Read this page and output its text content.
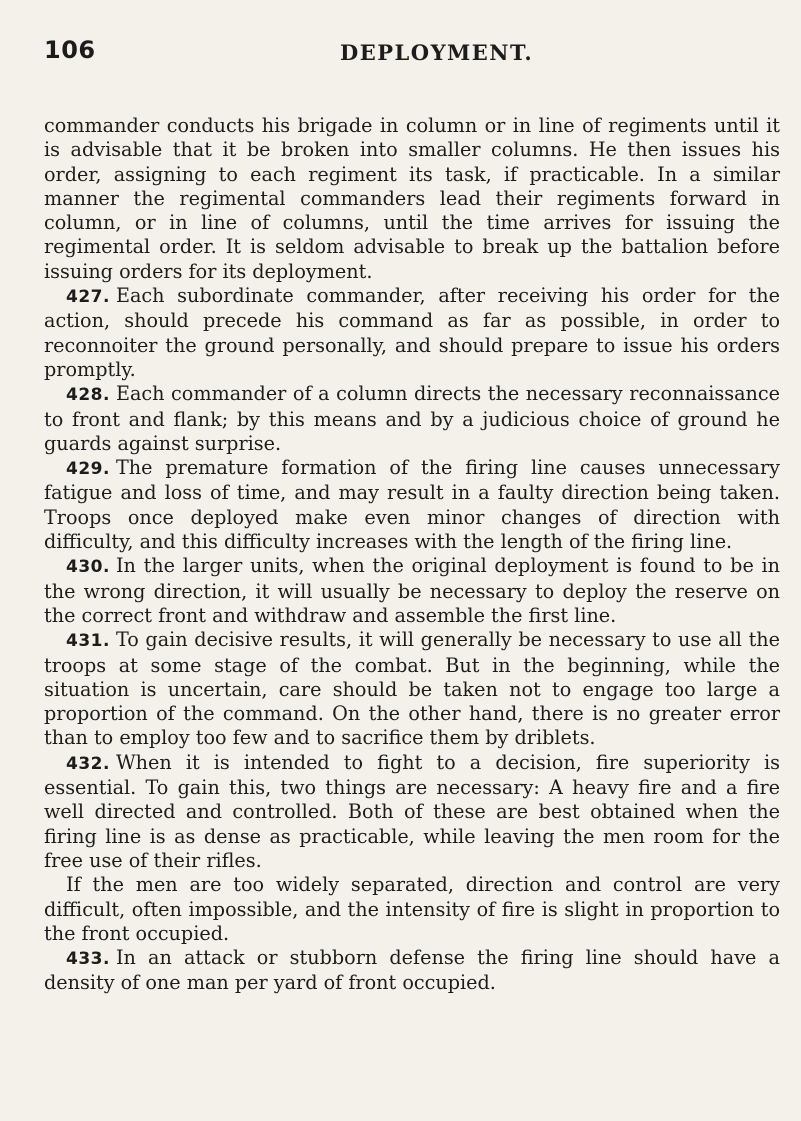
106	DEPLOYMENT.

commander conducts his brigade in column or in line of regiments until it is advisable that it be broken into smaller columns. He then issues his order, assigning to each regiment its task, if practicable. In a similar manner the regimental commanders lead their regiments forward in column, or in line of columns, until the time arrives for issuing the regimental order. It is seldom advisable to break up the battalion before issuing orders for its deployment.

427. Each subordinate commander, after receiving his order for the action, should precede his command as far as possible, in order to reconnoiter the ground personally, and should prepare to issue his orders promptly.

428. Each commander of a column directs the necessary reconnaissance to front and flank; by this means and by a judicious choice of ground he guards against surprise.

429. The premature formation of the firing line causes unnecessary fatigue and loss of time, and may result in a faulty direction being taken. Troops once deployed make even minor changes of direction with difficulty, and this difficulty increases with the length of the firing line.

430. In the larger units, when the original deployment is found to be in the wrong direction, it will usually be necessary to deploy the reserve on the correct front and withdraw and assemble the first line.

431. To gain decisive results, it will generally be necessary to use all the troops at some stage of the combat. But in the beginning, while the situation is uncertain, care should be taken not to engage too large a proportion of the command. On the other hand, there is no greater error than to employ too few and to sacrifice them by driblets.

432. When it is intended to fight to a decision, fire superiority is essential. To gain this, two things are necessary: A heavy fire and a fire well directed and controlled. Both of these are best obtained when the firing line is as dense as practicable, while leaving the men room for the free use of their rifles.

If the men are too widely separated, direction and control are very difficult, often impossible, and the intensity of fire is slight in proportion to the front occupied.

433. In an attack or stubborn defense the firing line should have a density of one man per yard of front occupied.
